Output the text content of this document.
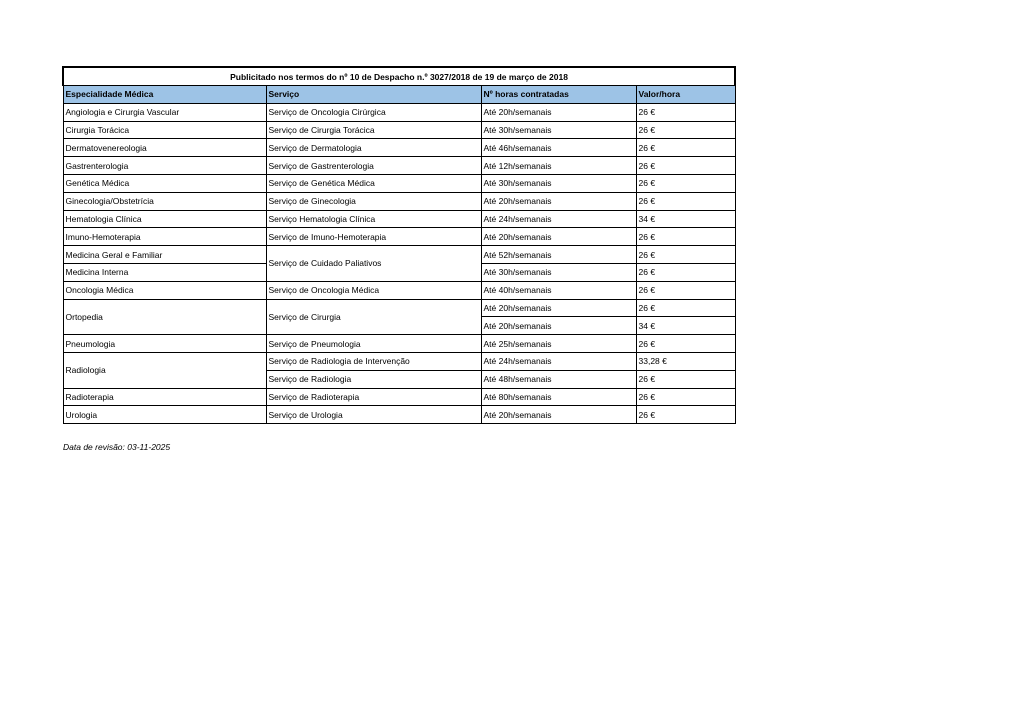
Publicitado nos termos do nº 10 de Despacho n.º 3027/2018 de 19 de março de 2018			
Especialidade Médica	Serviço	Nº horas contratadas	Valor/hora
Angiologia e Cirurgia Vascular	Serviço de Oncologia Cirúrgica	Até 20h/semanais	26 €
Cirurgia Torácica	Serviço de Cirurgia Torácica	Até 30h/semanais	26 €
Dermatovenereologia	Serviço de Dermatologia	Até 46h/semanais	26 €
Gastrenterologia	Serviço de Gastrenterologia	Até 12h/semanais	26 €
Genética Médica	Serviço de Genética Médica	Até 30h/semanais	26 €
Ginecologia/Obstetrícia	Serviço de Ginecologia	Até 20h/semanais	26 €
Hematologia Clínica	Serviço Hematologia Clínica	Até 24h/semanais	34 €
Imuno-Hemoterapia	Serviço de Imuno-Hemoterapia	Até 20h/semanais	26 €
Medicina Geral e Familiar	Serviço de Cuidado Paliativos	Até 52h/semanais	26 €
Medicina Interna		Até 30h/semanais	26 €
Oncologia Médica	Serviço de Oncologia Médica	Até 40h/semanais	26 €
Ortopedia	Serviço de Cirurgia	Até 20h/semanais	26 €
		Até 20h/semanais	34 €
Pneumologia	Serviço de Pneumologia	Até 25h/semanais	26 €
Radiologia	Serviço de Radiologia de Intervenção	Até 24h/semanais	33,28 €
	Serviço de Radiologia	Até 48h/semanais	26 €
Radioterapia	Serviço de Radioterapia	Até 80h/semanais	26 €
Urologia	Serviço de Urologia	Até 20h/semanais	26 €
Data de revisão: 03-11-2025
